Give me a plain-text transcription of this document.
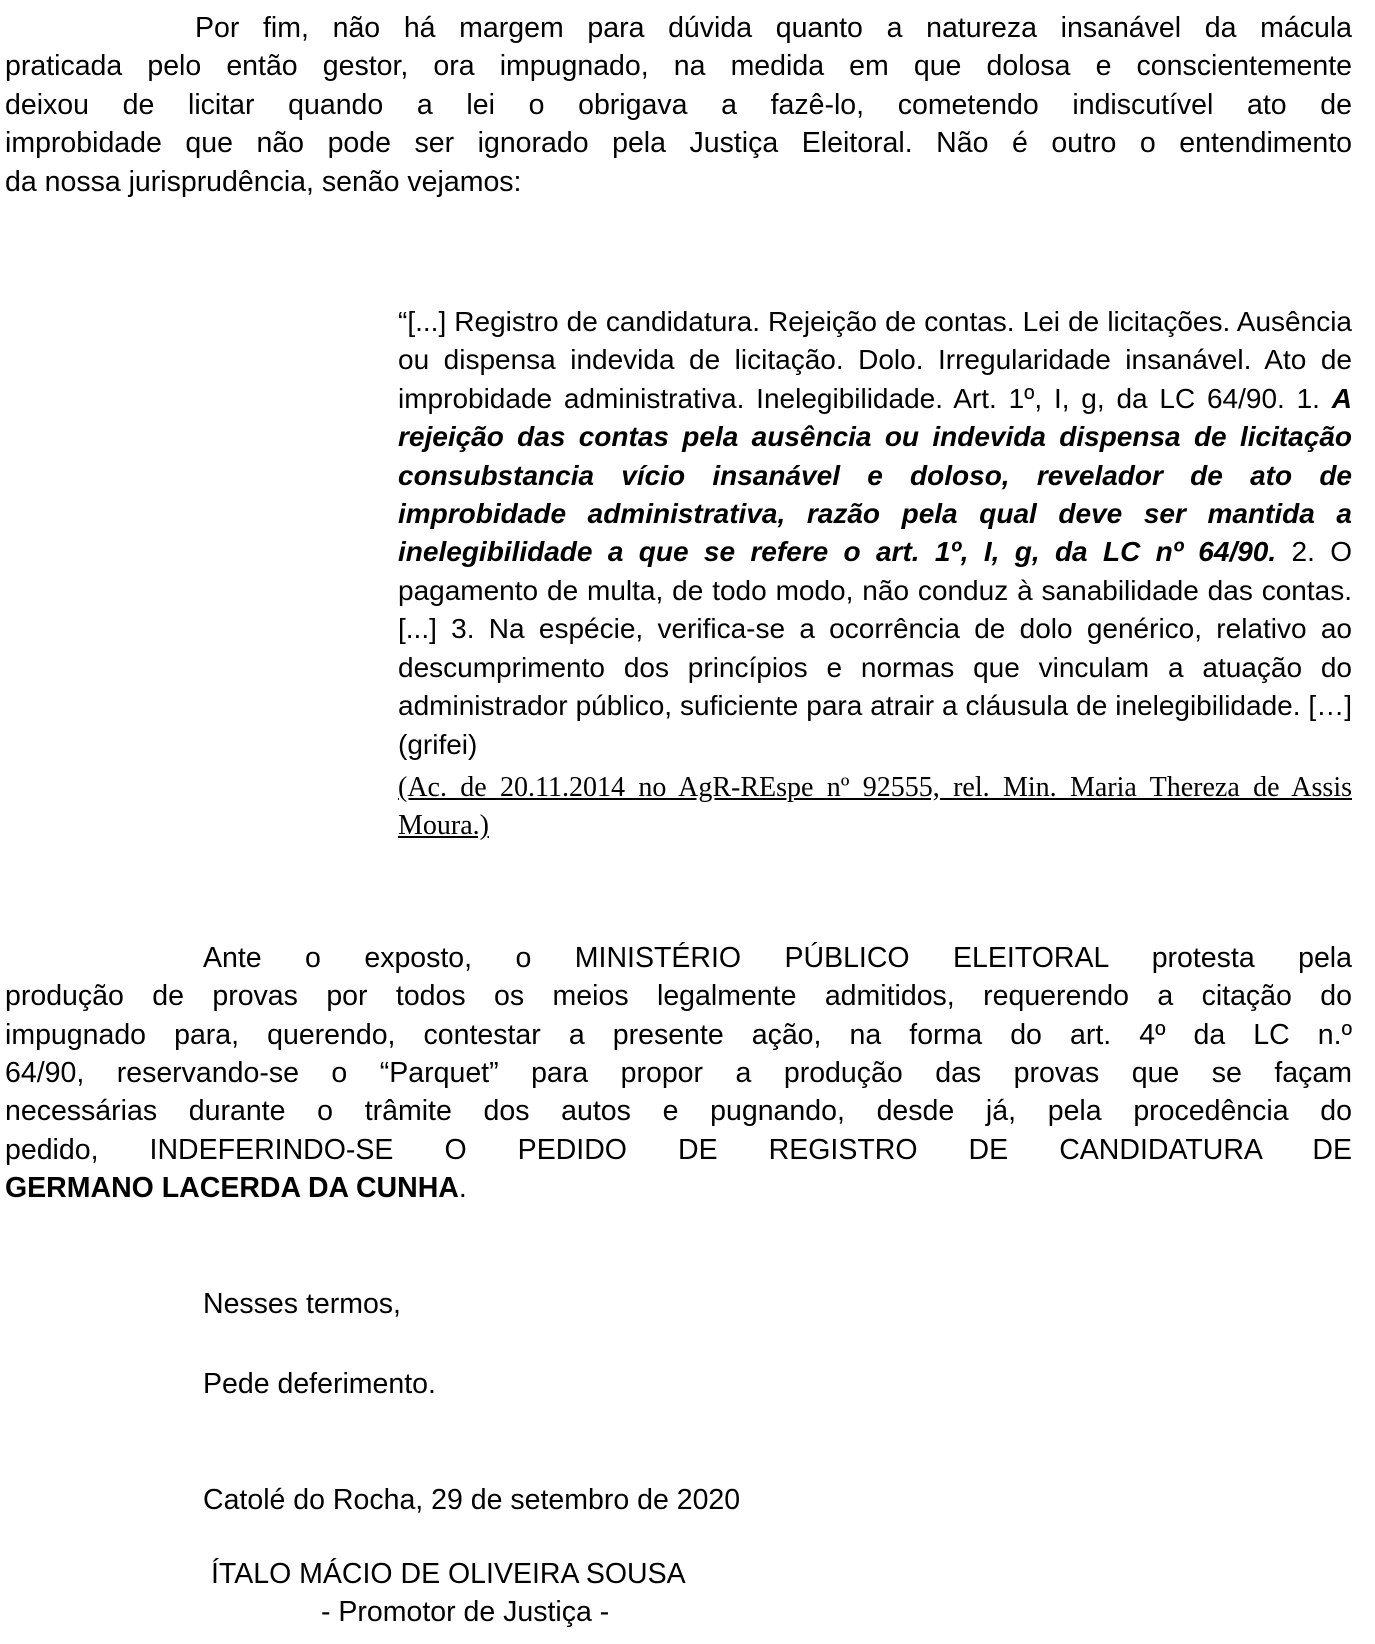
Por fim, não há margem para dúvida quanto a natureza insanável da mácula
praticada pelo então gestor, ora impugnado, na medida em que dolosa e conscientemente
deixou de licitar quando a lei o obrigava a fazê-lo, cometendo indiscutível ato de
improbidade que não pode ser ignorado pela Justiça Eleitoral. Não é outro o entendimento
da nossa jurisprudência, senão vejamos:
“[...] Registro de candidatura. Rejeição de contas. Lei de licitações. Ausência
ou dispensa indevida de licitação. Dolo. Irregularidade insanável. Ato de
improbidade administrativa. Inelegibilidade. Art. 1º, I, g, da LC 64/90. 1. A
rejeição das contas pela ausência ou indevida dispensa de licitação
consubstancia vício insanável e doloso, revelador de ato de
improbidade administrativa, razão pela qual deve ser mantida a
inelegibilidade a que se refere o art. 1º, I, g, da LC nº 64/90. 2. O
pagamento de multa, de todo modo, não conduz à sanabilidade das contas.
[...] 3. Na espécie, verifica-se a ocorrência de dolo genérico, relativo ao
descumprimento dos princípios e normas que vinculam a atuação do
administrador público, suficiente para atrair a cláusula de inelegibilidade. […]
(grifei)
(Ac. de 20.11.2014 no AgR-REspe nº 92555, rel. Min. Maria Thereza de Assis
Moura.)
Ante o exposto, o MINISTÉRIO PÚBLICO ELEITORAL protesta pela
produção de provas por todos os meios legalmente admitidos, requerendo a citação do
impugnado para, querendo, contestar a presente ação, na forma do art. 4º da LC n.º
64/90, reservando-se o “Parquet” para propor a produção das provas que se façam
necessárias durante o trâmite dos autos e pugnando, desde já, pela procedência do
pedido, INDEFERINDO-SE O PEDIDO DE REGISTRO DE CANDIDATURA DE
GERMANO LACERDA DA CUNHA.
Nesses termos,
Pede deferimento.
Catolé do Rocha, 29 de setembro de 2020
ÍTALO MÁCIO DE OLIVEIRA SOUSA
- Promotor de Justiça -
